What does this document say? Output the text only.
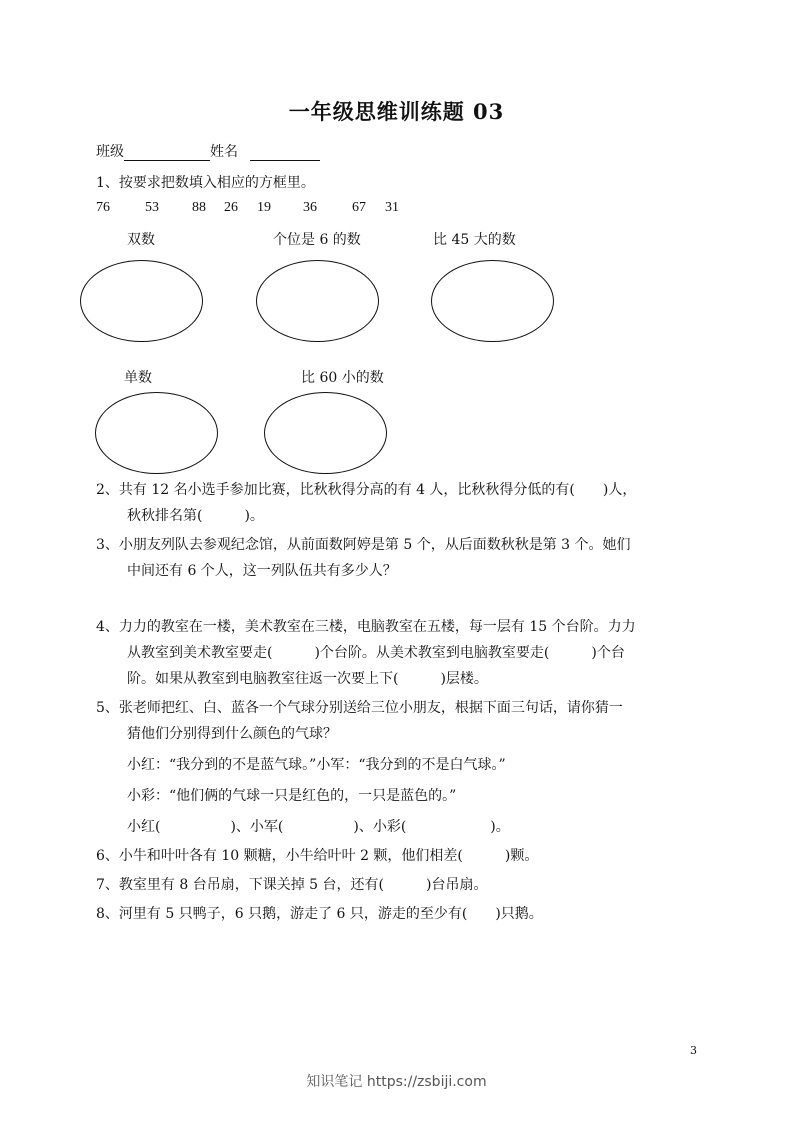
一年级思维训练题 03
班级	姓名
1、按要求把数填入相应的方框里。
76	53 88 26 19 36	67 31
双数	个位是 6 的数	比 45 大的数
单数	比 60 小的数
2、共有 12 名小选手参加比赛，比秋秋得分高的有 4 人，比秋秋得分低的有(　　)人，
秋秋排名第(　　　)。
3、小朋友列队去参观纪念馆，从前面数阿婷是第 5 个，从后面数秋秋是第 3 个。她们
中间还有 6 个人，这一列队伍共有多少人？
4、力力的教室在一楼，美术教室在三楼，电脑教室在五楼，每一层有 15 个台阶。力力
从教室到美术教室要走(　　　)个台阶。从美术教室到电脑教室要走(　　　)个台
阶。如果从教室到电脑教室往返一次要上下(　　　)层楼。
5、张老师把红、白、蓝各一个气球分别送给三位小朋友，根据下面三句话，请你猜一
猜他们分别得到什么颜色的气球？
小红：“我分到的不是蓝气球。”小军：“我分到的不是白气球。”
小彩：“他们俩的气球一只是红色的，一只是蓝色的。”
小红(　　　　　)、小军(　　　　　)、小彩(　　　　　　)。
6、小牛和叶叶各有 10 颗糖，小牛给叶叶 2 颗，他们相差(　　　)颗。
7、教室里有 8 台吊扇，下课关掉 5 台，还有(　　　)台吊扇。
8、河里有 5 只鸭子，6 只鹅，游走了 6 只，游走的至少有(　　)只鹅。
3
知识笔记 https://zsbiji.com
